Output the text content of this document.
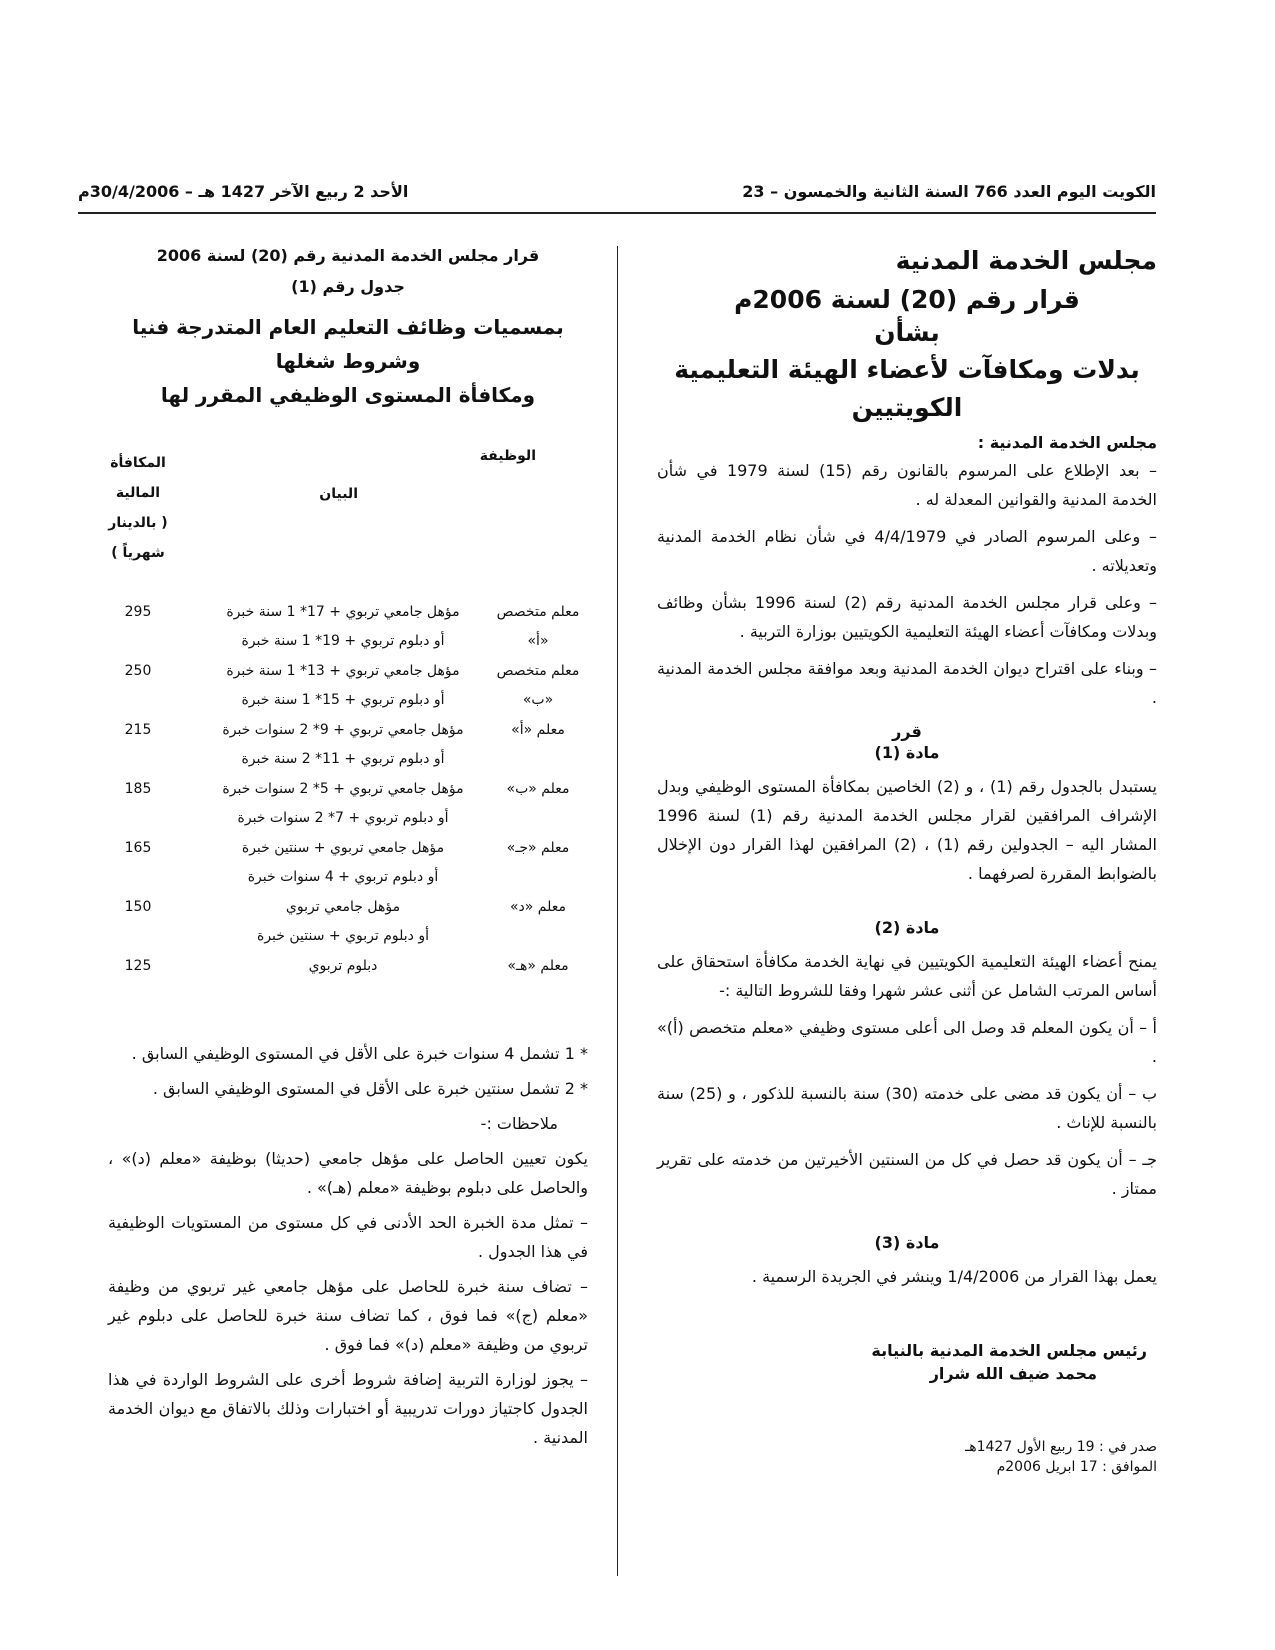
الكويت اليوم العدد 766 السنة الثانية والخمسون – 23
الأحد 2 ربيع الآخر 1427 هـ – 30/4/2006م
مجلس الخدمة المدنية
قرار رقم (20) لسنة 2006م
بشأن
بدلات ومكافآت لأعضاء الهيئة التعليمية الكويتيين
مجلس الخدمة المدنية :

– بعد الإطلاع على المرسوم بالقانون رقم (15) لسنة 1979 في شأن الخدمة المدنية والقوانين المعدلة له .

– وعلى المرسوم الصادر في 4/4/1979 في شأن نظام الخدمة المدنية وتعديلاته .

– وعلى قرار مجلس الخدمة المدنية رقم (2) لسنة 1996 بشأن وظائف وبدلات ومكافآت أعضاء الهيئة التعليمية الكويتيين بوزارة التربية .

– وبناء على اقتراح ديوان الخدمة المدنية وبعد موافقة مجلس الخدمة المدنية .

قرر
مادة (1)

يستبدل بالجدول رقم (1) ، و (2) الخاصين بمكافأة المستوى الوظيفي وبدل الإشراف المرافقين لقرار مجلس الخدمة المدنية رقم (1) لسنة 1996 المشار اليه – الجدولين رقم (1) ، (2) المرافقين لهذا القرار دون الإخلال بالضوابط المقررة لصرفهما .

مادة (2)

يمنح أعضاء الهيئة التعليمية الكويتيين في نهاية الخدمة مكافأة استحقاق على أساس المرتب الشامل عن أثنى عشر شهرا وفقا للشروط التالية :-

أ – أن يكون المعلم قد وصل الى أعلى مستوى وظيفي «معلم متخصص (أ)» .

ب – أن يكون قد مضى على خدمته (30) سنة بالنسبة للذكور ، و (25) سنة بالنسبة للإناث .

جـ – أن يكون قد حصل في كل من السنتين الأخيرتين من خدمته على تقرير ممتاز .

مادة (3)

يعمل بهذا القرار من 1/4/2006 وينشر في الجريدة الرسمية .

رئيس مجلس الخدمة المدنية بالنيابة
محمد ضيف الله شرار
صدر في : 19 ربيع الأول 1427هـ
الموافق : 17 ابريل 2006م
قرار مجلس الخدمة المدنية رقم (20) لسنة 2006
جدول رقم (1)
بمسميات وظائف التعليم العام المتدرجة فنيا وشروط شغلها
ومكافأة المستوى الوظيفي المقرر لها
الوظيفة
البيان
المكافأة
المالية
( بالدينار
شهرياً )
معلم متخصص
«أ»
مؤهل جامعي تربوي + 17* 1 سنة خبرة
أو دبلوم تربوي + 19* 1 سنة خبرة
295
معلم متخصص
«ب»
مؤهل جامعي تربوي + 13* 1 سنة خبرة
أو دبلوم تربوي + 15* 1 سنة خبرة
250
معلم «أ»
مؤهل جامعي تربوي + 9* 2 سنوات خبرة
أو دبلوم تربوي + 11* 2 سنة خبرة
215
معلم «ب»
مؤهل جامعي تربوي + 5* 2 سنوات خبرة
أو دبلوم تربوي + 7* 2 سنوات خبرة
185
معلم «جـ»
مؤهل جامعي تربوي + سنتين خبرة
أو دبلوم تربوي + 4 سنوات خبرة
165
معلم «د»
مؤهل جامعي تربوي
أو دبلوم تربوي + سنتين خبرة
150
معلم «هـ»
دبلوم تربوي
125

* 1 تشمل 4 سنوات خبرة على الأقل في المستوى الوظيفي السابق .

* 2 تشمل سنتين خبرة على الأقل في المستوى الوظيفي السابق .

ملاحظات :-

يكون تعيين الحاصل على مؤهل جامعي (حديثا) بوظيفة «معلم (د)» ، والحاصل على دبلوم بوظيفة «معلم (هـ)» .

– تمثل مدة الخبرة الحد الأدنى في كل مستوى من المستويات الوظيفية في هذا الجدول .

– تضاف سنة خبرة للحاصل على مؤهل جامعي غير تربوي من وظيفة «معلم (ج)» فما فوق ، كما تضاف سنة خبرة للحاصل على دبلوم غير تربوي من وظيفة «معلم (د)» فما فوق .

– يجوز لوزارة التربية إضافة شروط أخرى على الشروط الواردة في هذا الجدول كاجتياز دورات تدريبية أو اختبارات وذلك بالاتفاق مع ديوان الخدمة المدنية .
